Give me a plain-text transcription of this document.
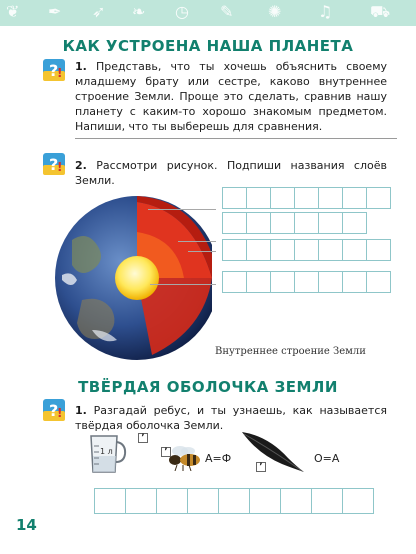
❦ ✒ ➶ ❧ ◷ ✎ ✺ ♫ ⛟
КАК УСТРОЕНА НАША ПЛАНЕТА
?
! 1. Представь, что ты хочешь объяснить своему младшему брату или сестре, каково внутреннее строение Земли. Проще это сделать, сравнив нашу планету с каким-то хорошо знакомым предметом. Напиши, что ты выберешь для сравнения.
?
! 2. Рассмотри рисунок. Подпиши названия слоёв Земли.
Внутреннее строение Земли
ТВЁРДАЯ ОБОЛОЧКА ЗЕМЛИ
?
! 1. Разгадай ребус, и ты узнаешь, как называется твёрдая оболочка Земли.
1 л
’
’	А=Ф
’
О=А
14
